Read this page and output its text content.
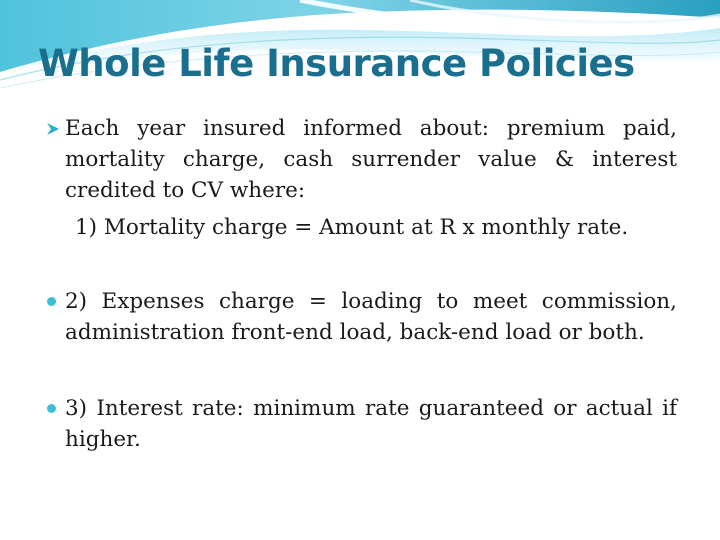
Whole Life Insurance Policies
Each year insured informed about: premium paid, mortality charge, cash surrender value & interest credited to CV where:
1) Mortality charge = Amount at R x monthly rate.
2) Expenses charge = loading to meet commission, administration front-end load, back-end load or both.
3) Interest rate: minimum rate guaranteed or actual if higher.
